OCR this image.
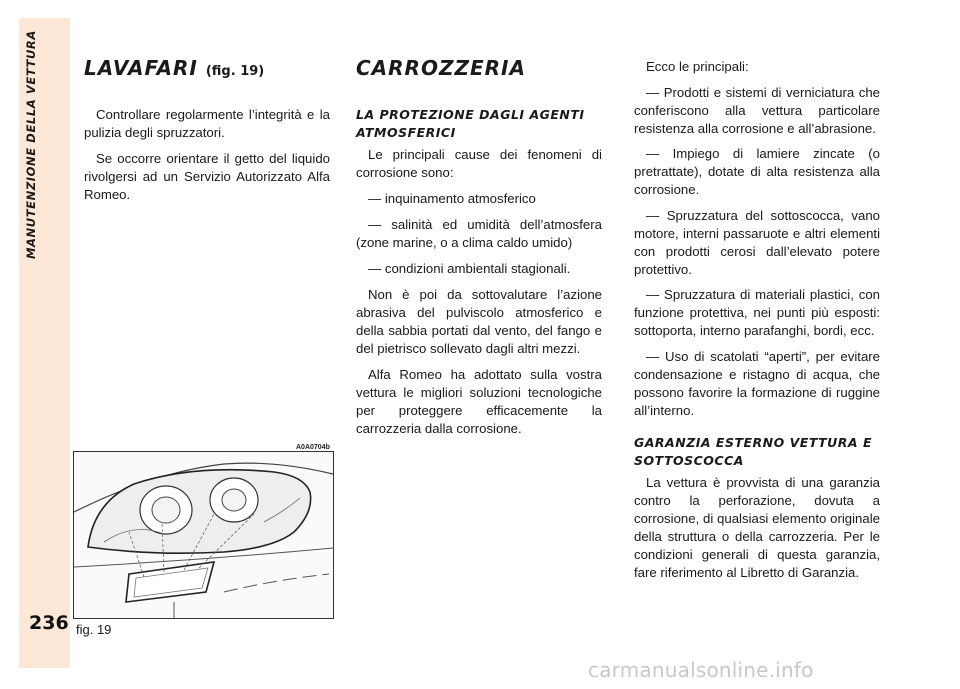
MANUTENZIONE DELLA VETTURA
236
LAVAFARI (fig. 19)

Controllare regolarmente l’integrità e la pulizia degli spruzzatori.

Se occorre orientare il getto del liquido rivolgersi ad un Servizio Autorizzato Alfa Romeo.

A0A0704b
fig. 19
CARROZZERIA
LA PROTEZIONE DAGLI AGENTI ATMOSFERICI

Le principali cause dei fenomeni di corrosione sono:

— inquinamento atmosferico

— salinità ed umidità dell’atmosfera (zone marine, o a clima caldo umido)

— condizioni ambientali stagionali.

Non è poi da sottovalutare l’azione abrasiva del pulviscolo atmosferico e della sabbia portati dal vento, del fango e del pietrisco sollevato dagli altri mezzi.

Alfa Romeo ha adottato sulla vostra vettura le migliori soluzioni tecnologiche per proteggere efficacemente la carrozzeria dalla corrosione.

Ecco le principali:

— Prodotti e sistemi di verniciatura che conferiscono alla vettura particolare resistenza alla corrosione e all’abrasione.

— Impiego di lamiere zincate (o pretrattate), dotate di alta resistenza alla corrosione.

— Spruzzatura del sottoscocca, vano motore, interni passaruote e altri elementi con prodotti cerosi dall’elevato potere protettivo.

— Spruzzatura di materiali plastici, con funzione protettiva, nei punti più esposti: sottoporta, interno parafanghi, bordi, ecc.

— Uso di scatolati “aperti”, per evitare condensazione e ristagno di acqua, che possono favorire la formazione di ruggine all’interno.

GARANZIA ESTERNO VETTURA E SOTTOSCOCCA

La vettura è provvista di una garanzia contro la perforazione, dovuta a corrosione, di qualsiasi elemento originale della struttura o della carrozzeria. Per le condizioni generali di questa garanzia, fare riferimento al Libretto di Garanzia.

carmanualsonline.info
